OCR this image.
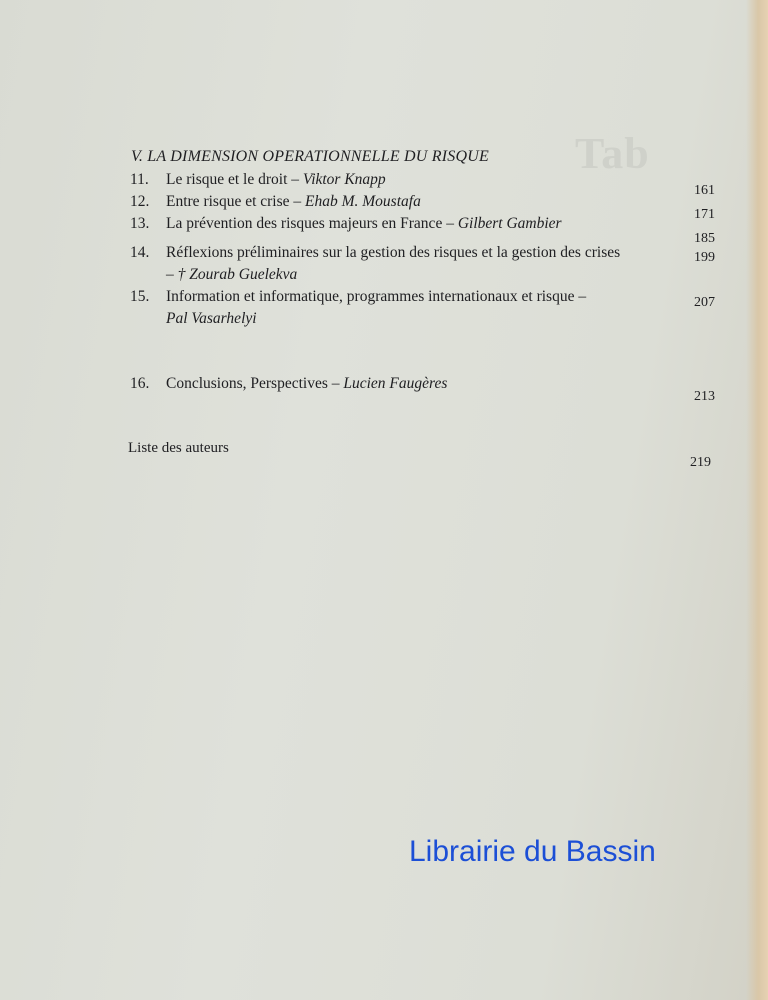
Tab
V. LA DIMENSION OPERATIONNELLE DU RISQUE
11. Le risque et le droit – Viktor Knapp
161
12. Entre risque et crise – Ehab M. Moustafa
171
13. La prévention des risques majeurs en France – Gilbert Gambier
185
14. Réflexions préliminaires sur la gestion des risques et la gestion des crises – † Zourab Guelekva
199
15. Information et informatique, programmes internationaux et risque – Pal Vasarhelyi
207
16. Conclusions, Perspectives – Lucien Faugères
213
Liste des auteurs
219
Librairie du Bassin
